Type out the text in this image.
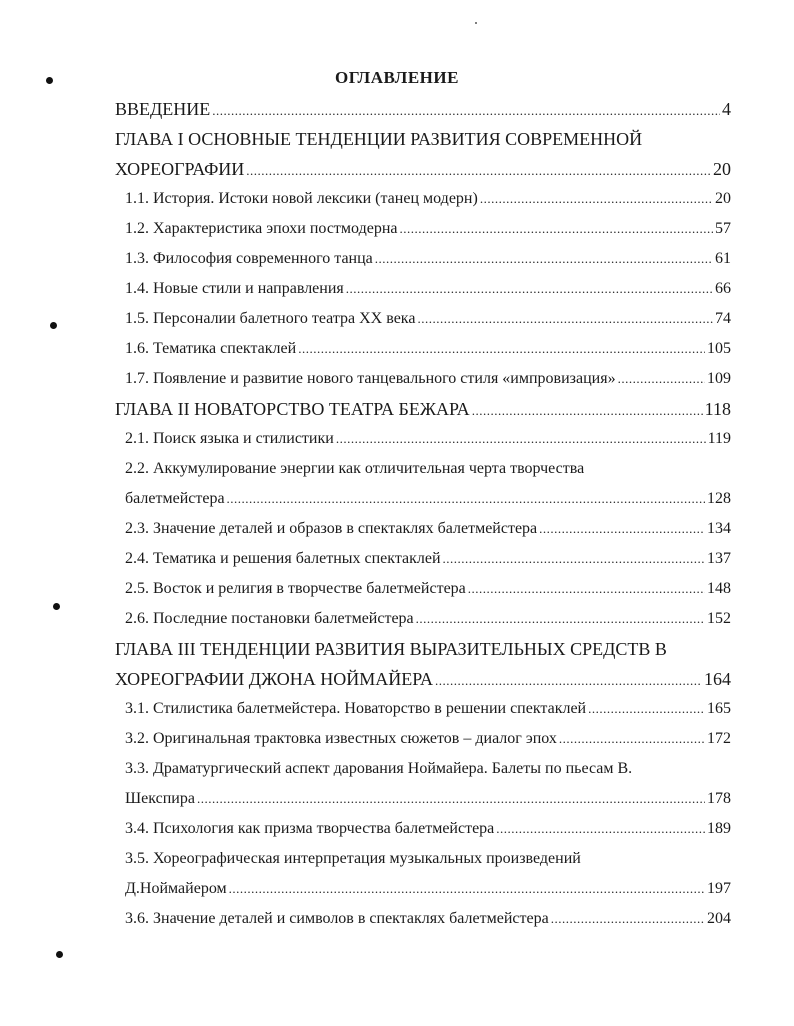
ОГЛАВЛЕНИЕ
ВВЕДЕНИЕ .....	4
ГЛАВА I ОСНОВНЫЕ ТЕНДЕНЦИИ РАЗВИТИЯ СОВРЕМЕННОЙ
ХОРЕОГРАФИИ .....	20
1.1. История. Истоки новой лексики (танец модерн) .....	20
1.2. Характеристика эпохи постмодерна .....	57
1.3. Философия современного танца .....	61
1.4. Новые стили и направления .....	66
1.5. Персоналии балетного театра XX века .....	74
1.6. Тематика спектаклей .....	105
1.7. Появление и развитие нового танцевального стиля «импровизация» .....	109
ГЛАВА II НОВАТОРСТВО ТЕАТРА БЕЖАРА .....	118
2.1. Поиск языка и стилистики .....	119
2.2. Аккумулирование энергии как отличительная черта творчества
балетмейстера .....	128
2.3. Значение деталей и образов в спектаклях балетмейстера .....	134
2.4. Тематика и решения балетных спектаклей .....	137
2.5. Восток и религия в творчестве балетмейстера .....	148
2.6. Последние постановки балетмейстера .....	152
ГЛАВА III ТЕНДЕНЦИИ РАЗВИТИЯ ВЫРАЗИТЕЛЬНЫХ СРЕДСТВ В
ХОРЕОГРАФИИ ДЖОНА НОЙМАЙЕРА .....	164
3.1. Стилистика балетмейстера. Новаторство в решении спектаклей .....	165
3.2. Оригинальная трактовка известных сюжетов – диалог эпох .....	172
3.3. Драматургический аспект дарования Ноймайера. Балеты по пьесам В.
Шекспира .....	178
3.4. Психология как призма творчества балетмейстера .....	189
3.5. Хореографическая интерпретация музыкальных произведений
Д.Ноймайером .....	197
3.6. Значение деталей и символов в спектаклях балетмейстера .....	204
